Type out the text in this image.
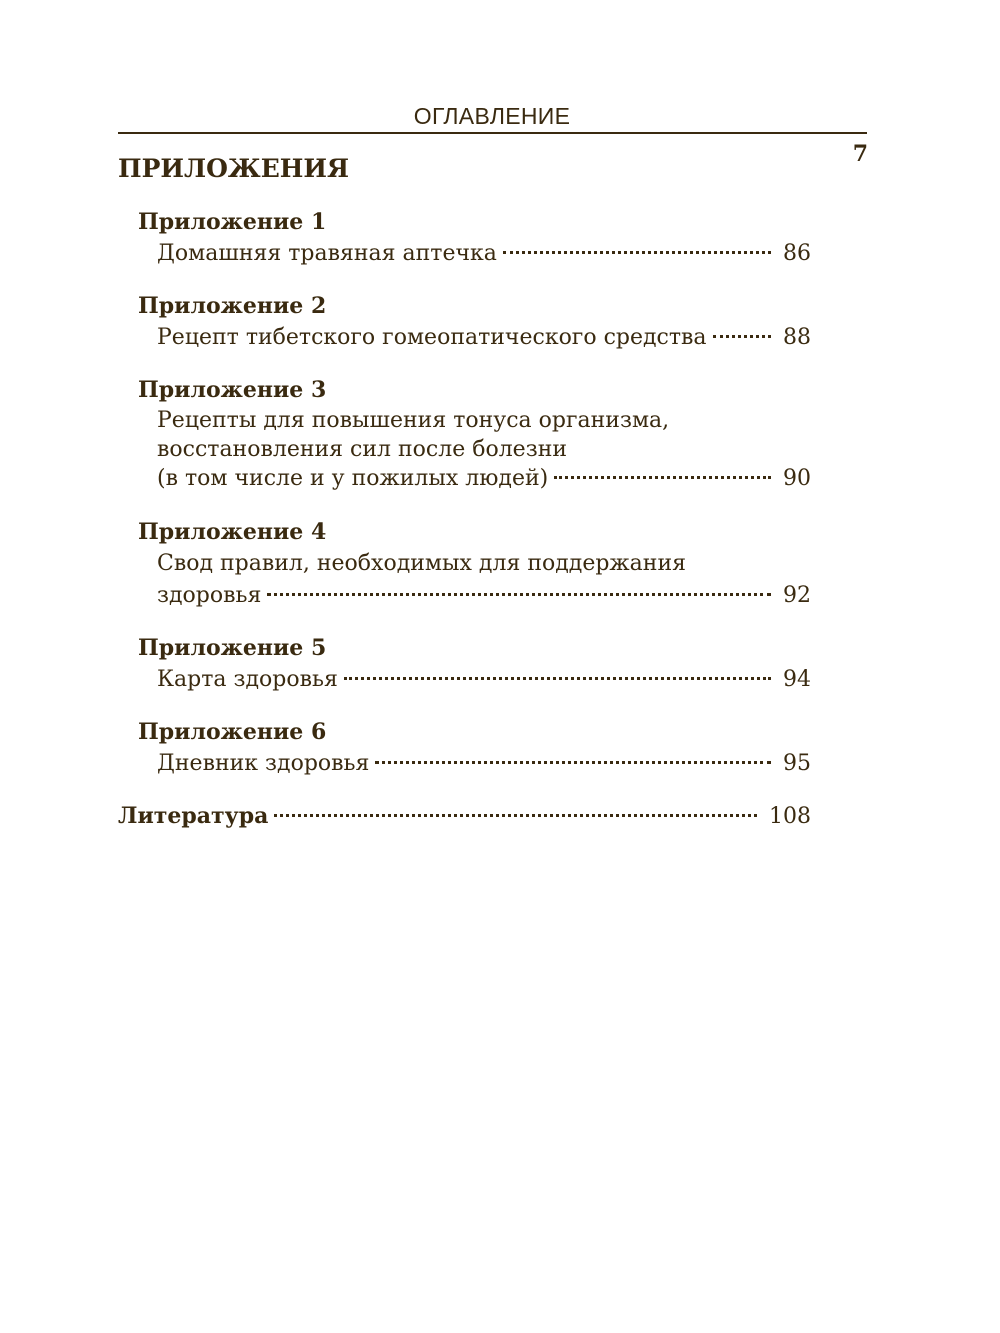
ОГЛАВЛЕНИЕ
7
ПРИЛОЖЕНИЯ
Приложение 1
Домашняя травяная аптечка	86
Приложение 2
Рецепт тибетского гомеопатического средства	88
Приложение 3
Рецепты для повышения тонуса организма,
восстановления сил после болезни
(в том числе и у пожилых людей)	90
Приложение 4
Свод правил, необходимых для поддержания
здоровья	92
Приложение 5
Карта здоровья	94
Приложение 6
Дневник здоровья	95
Литература	108
